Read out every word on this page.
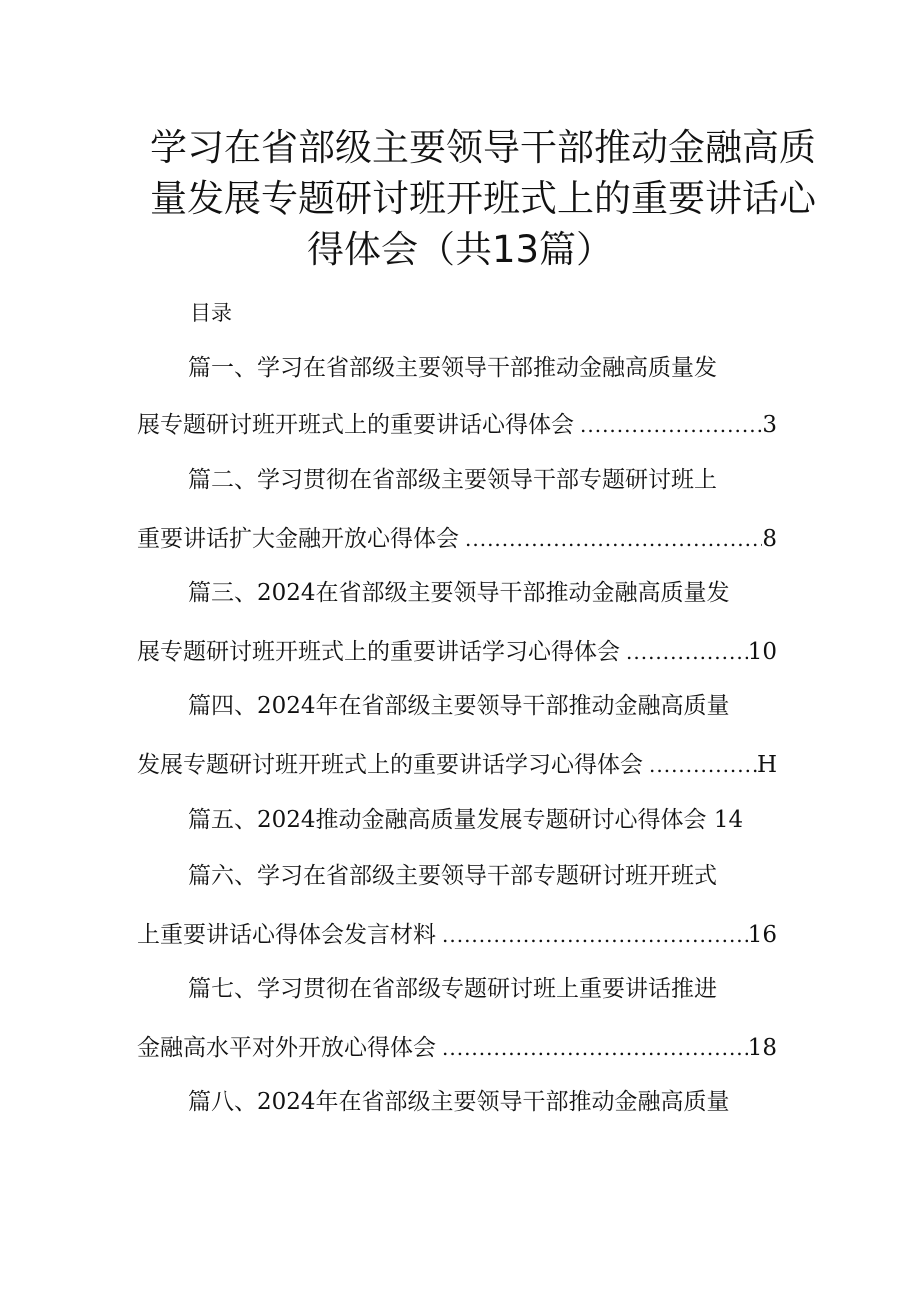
学习在省部级主要领导干部推动金融高质
量发展专题研讨班开班式上的重要讲话心
得体会（共13篇）
目录
篇一、学习在省部级主要领导干部推动金融高质量发
展专题研讨班开班式上的重要讲话心得体会 .....	3
篇二、学习贯彻在省部级主要领导干部专题研讨班上
重要讲话扩大金融开放心得体会 .....	8
篇三、2024在省部级主要领导干部推动金融高质量发
展专题研讨班开班式上的重要讲话学习心得体会 .....	10
篇四、2024年在省部级主要领导干部推动金融高质量
发展专题研讨班开班式上的重要讲话学习心得体会 .....	H
篇五、2024推动金融高质量发展专题研讨心得体会 14
篇六、学习在省部级主要领导干部专题研讨班开班式
上重要讲话心得体会发言材料 .....	16
篇七、学习贯彻在省部级专题研讨班上重要讲话推进
金融高水平对外开放心得体会 .....	18
篇八、2024年在省部级主要领导干部推动金融高质量
